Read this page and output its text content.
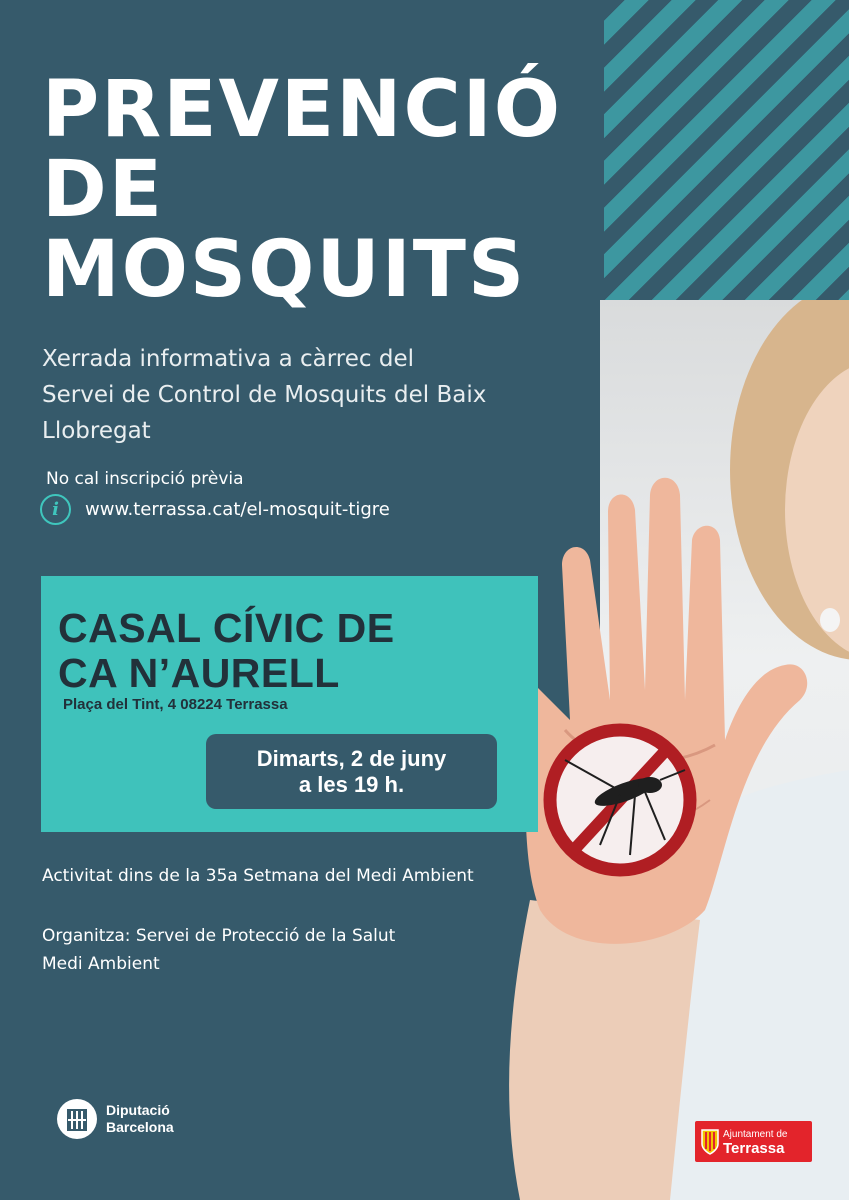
PREVENCIÓ
DE
MOSQUITS

Xerrada informativa a càrrec del
Servei de Control de Mosquits del Baix
Llobregat

No cal inscripció prèvia
i	www.terrassa.cat/el-mosquit-tigre
CASAL CÍVIC DE
CA N’AURELL
Plaça del Tint, 4 08224 Terrassa
Dimarts, 2 de juny
a les 19 h.
Activitat dins de la 35a Setmana del Medi Ambient
Organitza: Servei de Protecció de la Salut
Medi Ambient
Diputació
Barcelona	Ajuntament de
Terrassa
